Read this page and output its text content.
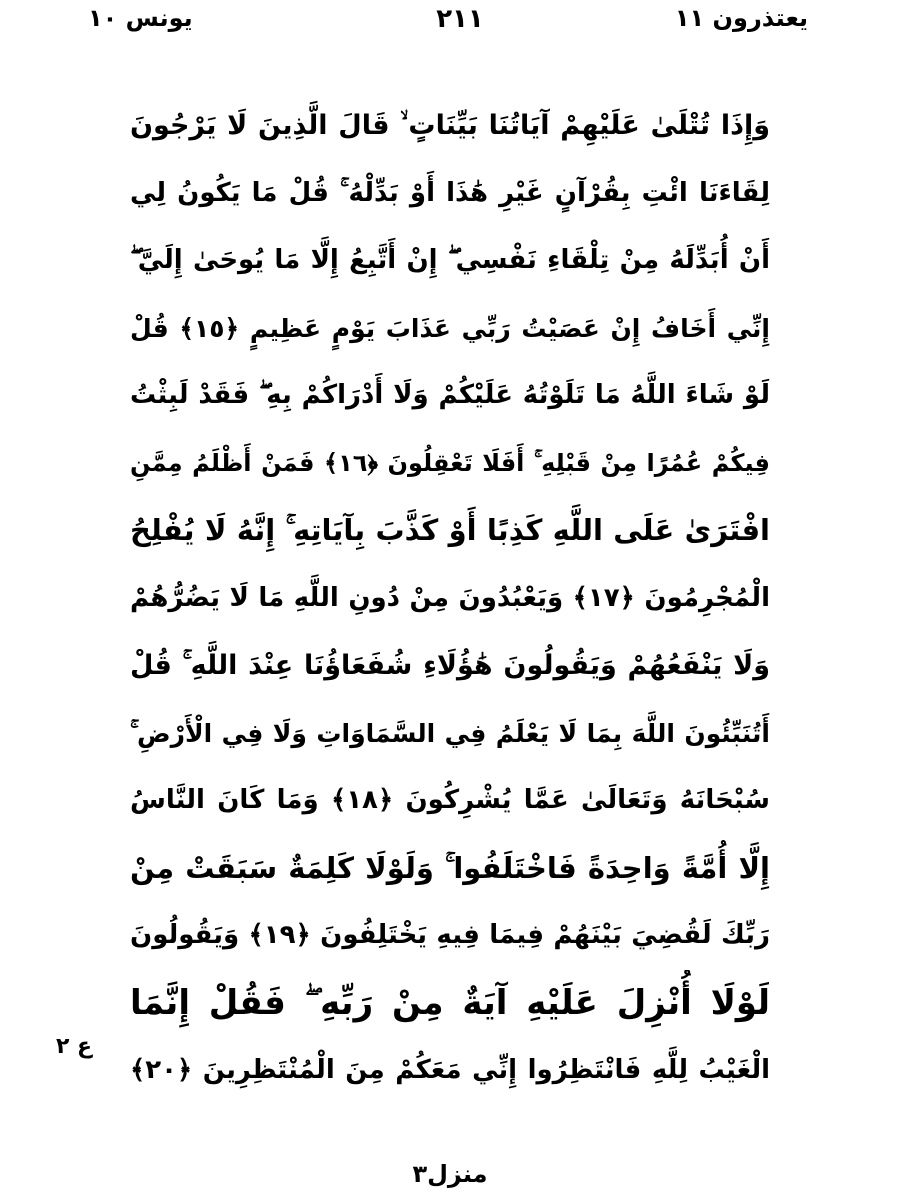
يعتذرون ١١
٢١١
يونس ١٠
وَإِذَا تُتْلَىٰ عَلَيْهِمْ آيَاتُنَا بَيِّنَاتٍ ۙ قَالَ الَّذِينَ لَا يَرْجُونَ
لِقَاءَنَا ائْتِ بِقُرْآنٍ غَيْرِ هَٰذَا أَوْ بَدِّلْهُ ۚ قُلْ مَا يَكُونُ لِي
أَنْ أُبَدِّلَهُ مِنْ تِلْقَاءِ نَفْسِي ۖ إِنْ أَتَّبِعُ إِلَّا مَا يُوحَىٰ إِلَيَّ ۖ
إِنِّي أَخَافُ إِنْ عَصَيْتُ رَبِّي عَذَابَ يَوْمٍ عَظِيمٍ ﴿١٥﴾ قُلْ
لَوْ شَاءَ اللَّهُ مَا تَلَوْتُهُ عَلَيْكُمْ وَلَا أَدْرَاكُمْ بِهِ ۖ فَقَدْ لَبِثْتُ
فِيكُمْ عُمُرًا مِنْ قَبْلِهِ ۚ أَفَلَا تَعْقِلُونَ ﴿١٦﴾ فَمَنْ أَظْلَمُ مِمَّنِ
افْتَرَىٰ عَلَى اللَّهِ كَذِبًا أَوْ كَذَّبَ بِآيَاتِهِ ۚ إِنَّهُ لَا يُفْلِحُ
الْمُجْرِمُونَ ﴿١٧﴾ وَيَعْبُدُونَ مِنْ دُونِ اللَّهِ مَا لَا يَضُرُّهُمْ
وَلَا يَنْفَعُهُمْ وَيَقُولُونَ هَٰؤُلَاءِ شُفَعَاؤُنَا عِنْدَ اللَّهِ ۚ قُلْ
أَتُنَبِّئُونَ اللَّهَ بِمَا لَا يَعْلَمُ فِي السَّمَاوَاتِ وَلَا فِي الْأَرْضِ ۚ
سُبْحَانَهُ وَتَعَالَىٰ عَمَّا يُشْرِكُونَ ﴿١٨﴾ وَمَا كَانَ النَّاسُ
إِلَّا أُمَّةً وَاحِدَةً فَاخْتَلَفُوا ۚ وَلَوْلَا كَلِمَةٌ سَبَقَتْ مِنْ
رَبِّكَ لَقُضِيَ بَيْنَهُمْ فِيمَا فِيهِ يَخْتَلِفُونَ ﴿١٩﴾ وَيَقُولُونَ
لَوْلَا أُنْزِلَ عَلَيْهِ آيَةٌ مِنْ رَبِّهِ ۖ فَقُلْ إِنَّمَا
الْغَيْبُ لِلَّهِ فَانْتَظِرُوا إِنِّي مَعَكُمْ مِنَ الْمُنْتَظِرِينَ ﴿٢٠﴾
ع ٢
منزل٣
